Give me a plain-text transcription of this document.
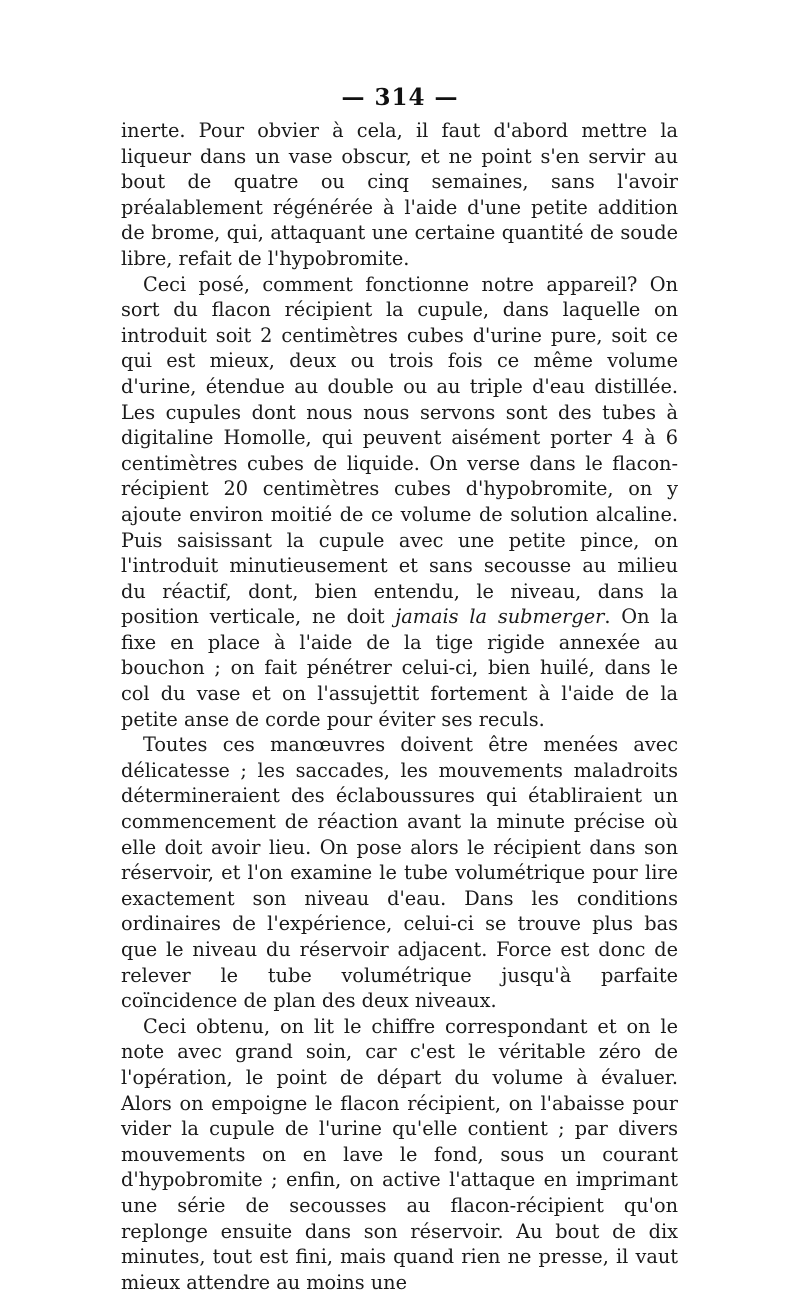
— 314 —

inerte. Pour obvier à cela, il faut d'abord mettre la liqueur dans un vase obscur, et ne point s'en servir au bout de quatre ou cinq semaines, sans l'avoir préalablement régénérée à l'aide d'une petite addition de brome, qui, attaquant une certaine quantité de soude libre, refait de l'hypobromite.

Ceci posé, comment fonctionne notre appareil? On sort du flacon récipient la cupule, dans laquelle on introduit soit 2 centimètres cubes d'urine pure, soit ce qui est mieux, deux ou trois fois ce même volume d'urine, étendue au double ou au triple d'eau distillée. Les cupules dont nous nous servons sont des tubes à digitaline Homolle, qui peuvent aisément porter 4 à 6 centimètres cubes de liquide. On verse dans le flacon-récipient 20 centimètres cubes d'hypobromite, on y ajoute environ moitié de ce volume de solution alcaline. Puis saisissant la cupule avec une petite pince, on l'introduit minutieusement et sans secousse au milieu du réactif, dont, bien entendu, le niveau, dans la position verticale, ne doit jamais la submerger. On la fixe en place à l'aide de la tige rigide annexée au bouchon ; on fait pénétrer celui-ci, bien huilé, dans le col du vase et on l'assujettit fortement à l'aide de la petite anse de corde pour éviter ses reculs.

Toutes ces manœuvres doivent être menées avec délicatesse ; les saccades, les mouvements maladroits détermineraient des éclaboussures qui établiraient un commencement de réaction avant la minute précise où elle doit avoir lieu. On pose alors le récipient dans son réservoir, et l'on examine le tube volumétrique pour lire exactement son niveau d'eau. Dans les conditions ordinaires de l'expérience, celui-ci se trouve plus bas que le niveau du réservoir adjacent. Force est donc de relever le tube volumétrique jusqu'à parfaite coïncidence de plan des deux niveaux.

Ceci obtenu, on lit le chiffre correspondant et on le note avec grand soin, car c'est le véritable zéro de l'opération, le point de départ du volume à évaluer. Alors on empoigne le flacon récipient, on l'abaisse pour vider la cupule de l'urine qu'elle contient ; par divers mouvements on en lave le fond, sous un courant d'hypobromite ; enfin, on active l'attaque en imprimant une série de secousses au flacon-récipient qu'on replonge ensuite dans son réservoir. Au bout de dix minutes, tout est fini, mais quand rien ne presse, il vaut mieux attendre au moins une
